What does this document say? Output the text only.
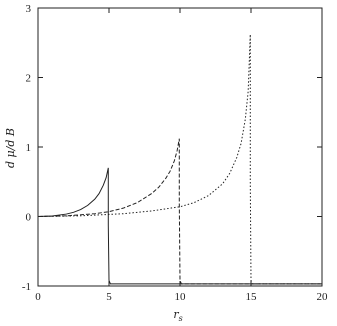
0	5	10	15	20
-1
0
1
2
3
$r_s$
d μ/d B
